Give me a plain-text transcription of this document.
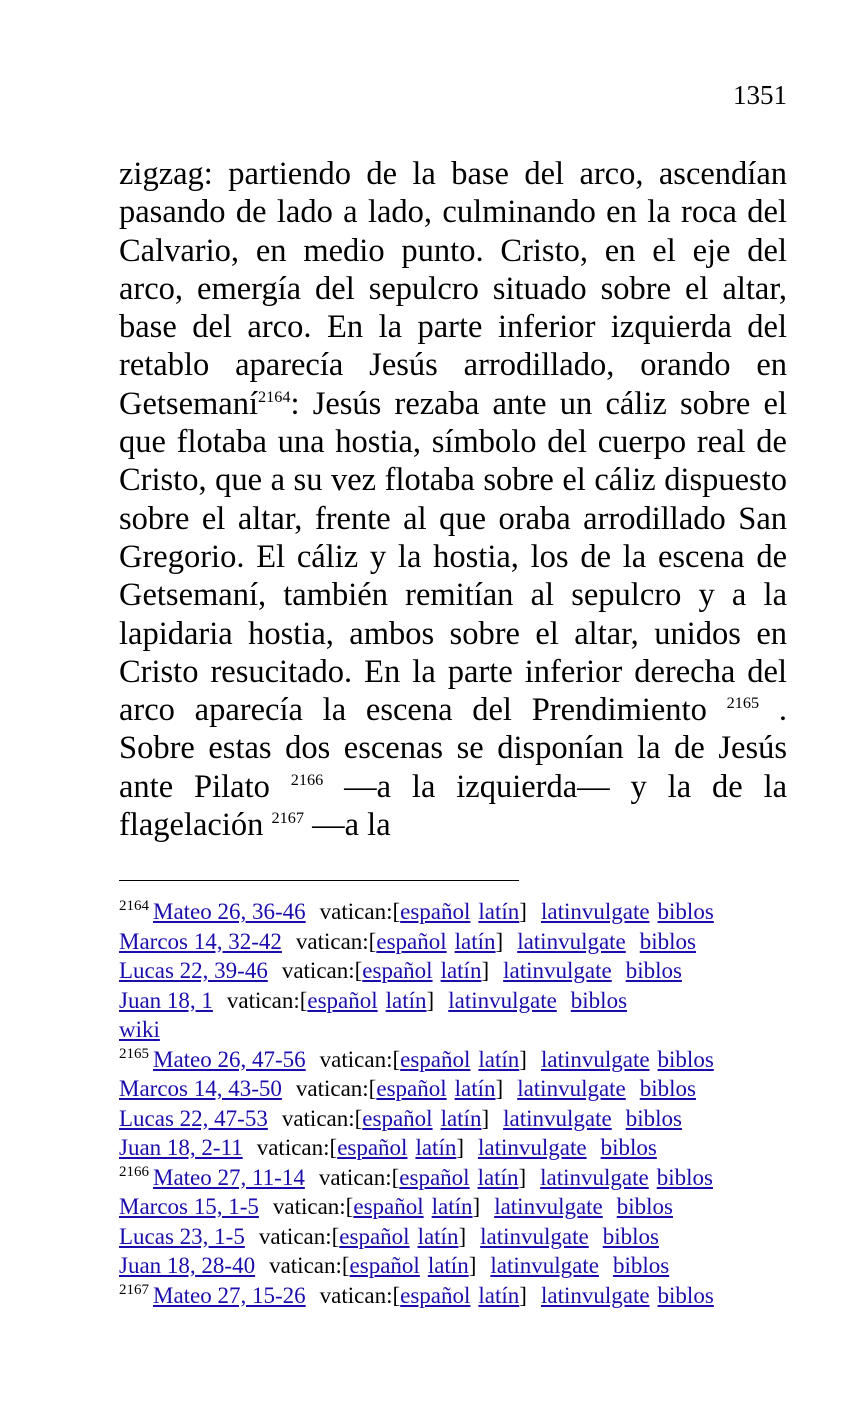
1351

zigzag: partiendo de la base del arco, ascendían pasando de lado a lado, culminando en la roca del Calvario, en medio punto. Cristo, en el eje del arco, emergía del sepulcro situado sobre el altar, base del arco. En la parte inferior izquierda del retablo aparecía Jesús arrodillado, orando en Getsemaní$^{2164}$: Jesús rezaba ante un cáliz sobre el que flotaba una hostia, símbolo del cuerpo real de Cristo, que a su vez flotaba sobre el cáliz dispuesto sobre el altar, frente al que oraba arrodillado San Gregorio. El cáliz y la hostia, los de la escena de Getsemaní, también remitían al sepulcro y a la lapidaria hostia, ambos sobre el altar, unidos en Cristo resucitado. En la parte inferior derecha del arco aparecía la escena del Prendimiento $^{2165}$ . Sobre estas dos escenas se disponían la de Jesús ante Pilato $^{2166}$ —a la izquierda— y la de la flagelación $^{2167}$ —a la

$^{2164}$ Mateo 26, 36-46 vatican:[español latín] latinvulgate biblos
Marcos 14, 32-42 vatican:[español latín] latinvulgate biblos
Lucas 22, 39-46 vatican:[español latín] latinvulgate biblos
Juan 18, 1 vatican:[español latín] latinvulgate biblos
wiki
$^{2165}$ Mateo 26, 47-56 vatican:[español latín] latinvulgate biblos
Marcos 14, 43-50 vatican:[español latín] latinvulgate biblos
Lucas 22, 47-53 vatican:[español latín] latinvulgate biblos
Juan 18, 2-11 vatican:[español latín] latinvulgate biblos
$^{2166}$ Mateo 27, 11-14 vatican:[español latín] latinvulgate biblos
Marcos 15, 1-5 vatican:[español latín] latinvulgate biblos
Lucas 23, 1-5 vatican:[español latín] latinvulgate biblos
Juan 18, 28-40 vatican:[español latín] latinvulgate biblos
$^{2167}$ Mateo 27, 15-26 vatican:[español latín] latinvulgate biblos
